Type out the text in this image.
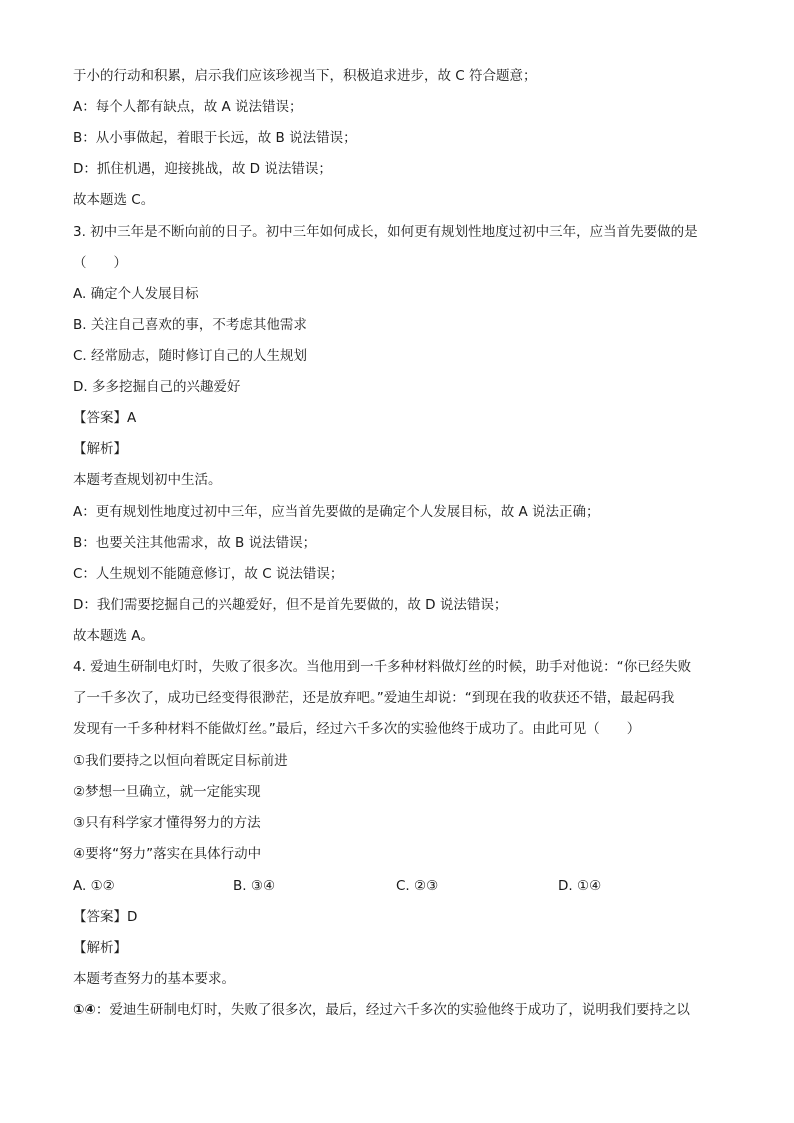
于小的行动和积累，启示我们应该珍视当下，积极追求进步，故 C 符合题意；
A：每个人都有缺点，故 A 说法错误；
B：从小事做起，着眼于长远，故 B 说法错误；
D：抓住机遇，迎接挑战，故 D 说法错误；
故本题选 C。
3. 初中三年是不断向前的日子。初中三年如何成长，如何更有规划性地度过初中三年，应当首先要做的是
（　　）
A. 确定个人发展目标
B. 关注自己喜欢的事，不考虑其他需求
C. 经常励志，随时修订自己的人生规划
D. 多多挖掘自己的兴趣爱好
【答案】A
【解析】
本题考查规划初中生活。
A：更有规划性地度过初中三年，应当首先要做的是确定个人发展目标，故 A 说法正确；
B：也要关注其他需求，故 B 说法错误；
C：人生规划不能随意修订，故 C 说法错误；
D：我们需要挖掘自己的兴趣爱好，但不是首先要做的，故 D 说法错误；
故本题选 A。
4. 爱迪生研制电灯时，失败了很多次。当他用到一千多种材料做灯丝的时候，助手对他说：“你已经失败
了一千多次了，成功已经变得很渺茫，还是放弃吧。”爱迪生却说：“到现在我的收获还不错，最起码我
发现有一千多种材料不能做灯丝。”最后，经过六千多次的实验他终于成功了。由此可见（　　）
①我们要持之以恒向着既定目标前进
②梦想一旦确立，就一定能实现
③只有科学家才懂得努力的方法
④要将“努力”落实在具体行动中
A. ①②	B. ③④	C. ②③	D. ①④
【答案】D
【解析】
本题考查努力的基本要求。
①④：爱迪生研制电灯时，失败了很多次，最后，经过六千多次的实验他终于成功了，说明我们要持之以
